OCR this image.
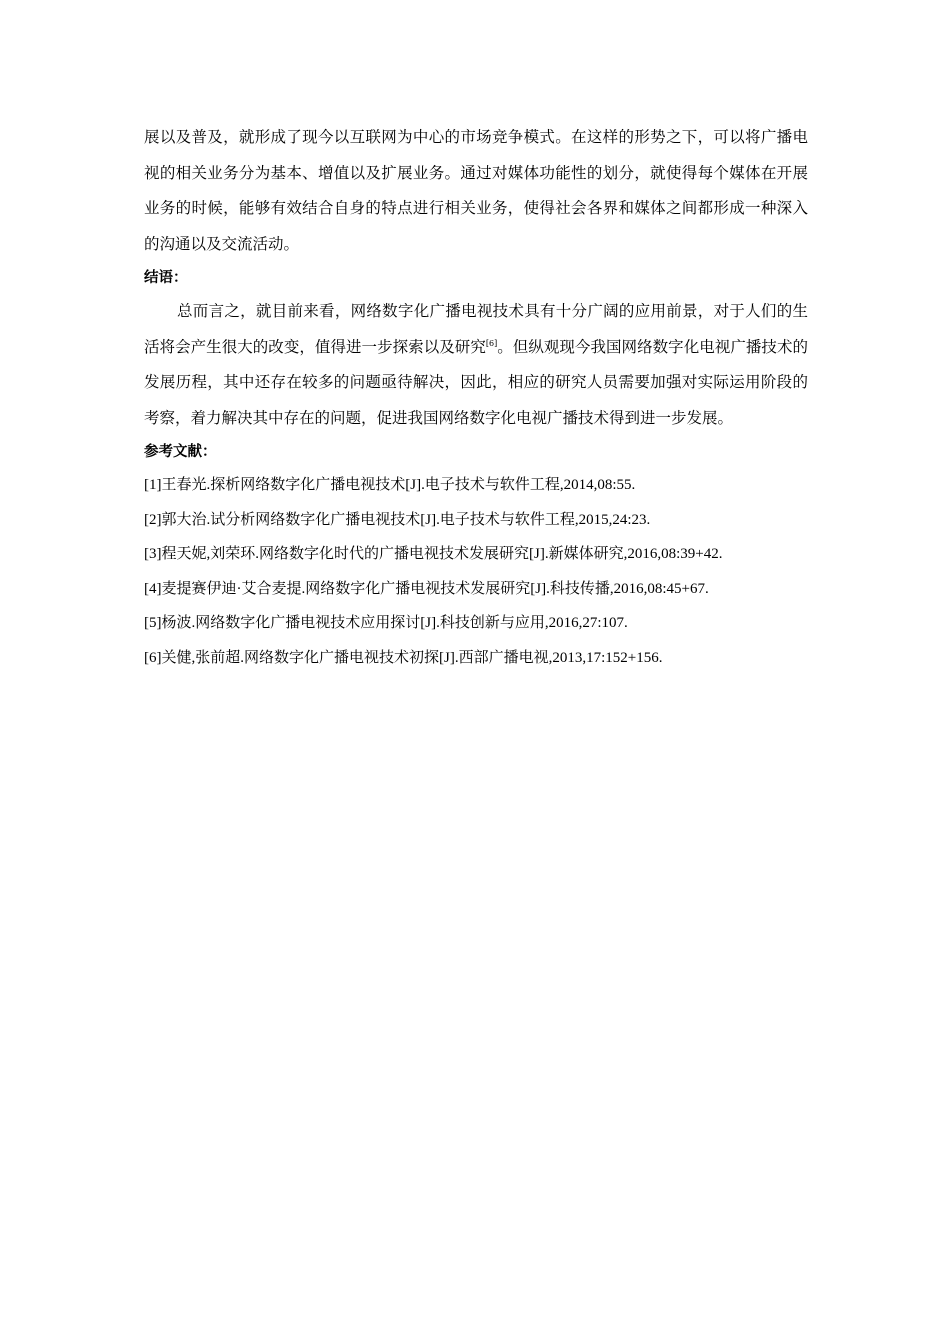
展以及普及，就形成了现今以互联网为中心的市场竞争模式。在这样的形势之下，可以将广播电视的相关业务分为基本、增值以及扩展业务。通过对媒体功能性的划分，就使得每个媒体在开展业务的时候，能够有效结合自身的特点进行相关业务，使得社会各界和媒体之间都形成一种深入的沟通以及交流活动。

结语：

总而言之，就目前来看，网络数字化广播电视技术具有十分广阔的应用前景，对于人们的生活将会产生很大的改变，值得进一步探索以及研究[6]。但纵观现今我国网络数字化电视广播技术的发展历程，其中还存在较多的问题亟待解决，因此，相应的研究人员需要加强对实际运用阶段的考察，着力解决其中存在的问题，促进我国网络数字化电视广播技术得到进一步发展。

参考文献：
[1]王春光.探析网络数字化广播电视技术[J].电子技术与软件工程,2014,08:55.
[2]郭大治.试分析网络数字化广播电视技术[J].电子技术与软件工程,2015,24:23.
[3]程天妮,刘荣环.网络数字化时代的广播电视技术发展研究[J].新媒体研究,2016,08:39+42.
[4]麦提赛伊迪·艾合麦提.网络数字化广播电视技术发展研究[J].科技传播,2016,08:45+67.
[5]杨波.网络数字化广播电视技术应用探讨[J].科技创新与应用,2016,27:107.
[6]关健,张前超.网络数字化广播电视技术初探[J].西部广播电视,2013,17:152+156.
